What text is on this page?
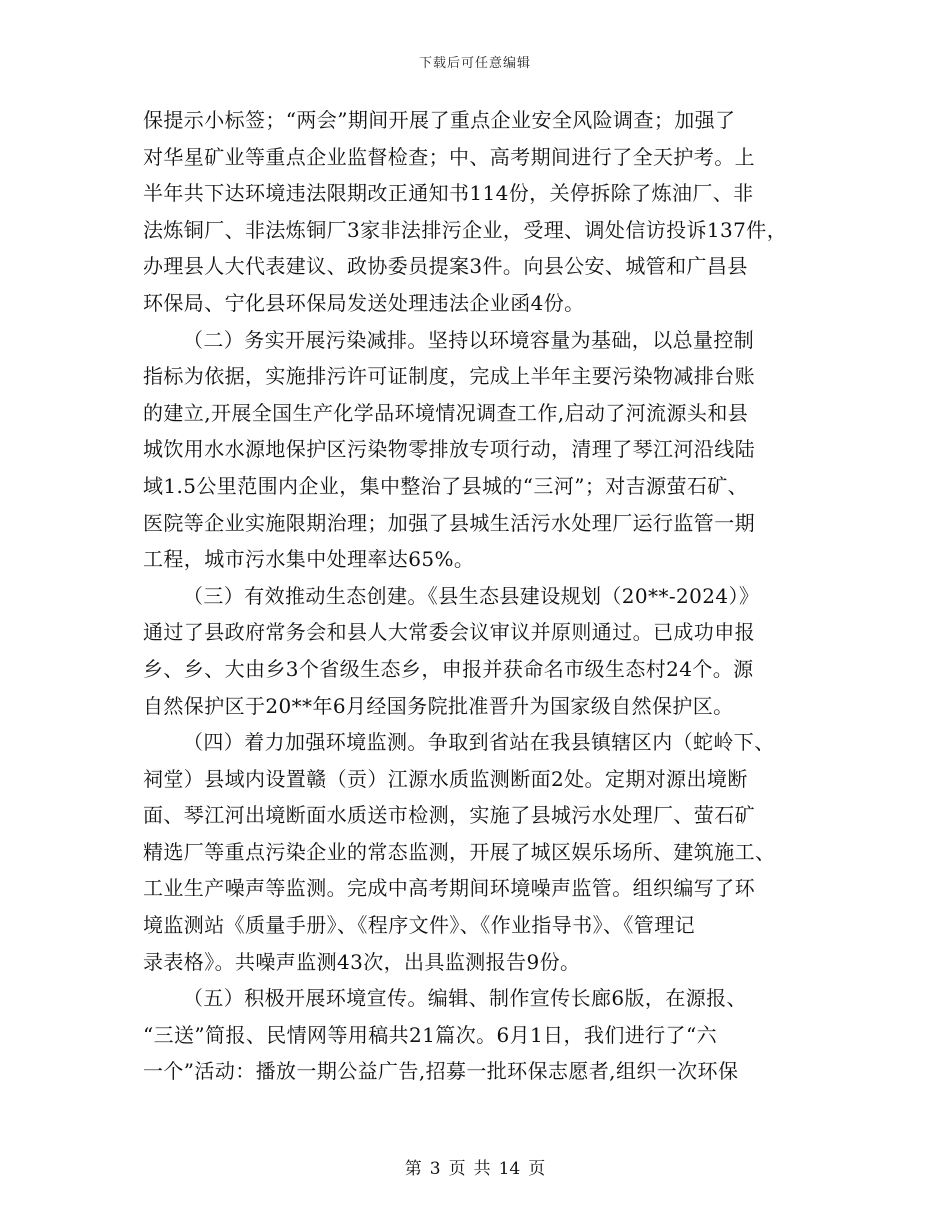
下载后可任意编辑
保提示小标签；“两会”期间开展了重点企业安全风险调查；加强了
对华星矿业等重点企业监督检查；中、高考期间进行了全天护考。上
半年共下达环境违法限期改正通知书114份，关停拆除了炼油厂、非
法炼铜厂、非法炼铜厂3家非法排污企业，受理、调处信访投诉137件，
办理县人大代表建议、政协委员提案3件。向县公安、城管和广昌县
环保局、宁化县环保局发送处理违法企业函4份。
（二）务实开展污染减排。坚持以环境容量为基础，以总量控制
指标为依据，实施排污许可证制度，完成上半年主要污染物减排台账
的建立,开展全国生产化学品环境情况调查工作,启动了河流源头和县
城饮用水水源地保护区污染物零排放专项行动，清理了琴江河沿线陆
域1.5公里范围内企业，集中整治了县城的“三河”；对吉源萤石矿、
医院等企业实施限期治理；加强了县城生活污水处理厂运行监管一期
工程，城市污水集中处理率达65%。
（三）有效推动生态创建。《县生态县建设规划（20**-2024）》
通过了县政府常务会和县人大常委会议审议并原则通过。已成功申报
乡、乡、大由乡3个省级生态乡，申报并获命名市级生态村24个。源
自然保护区于20**年6月经国务院批准晋升为国家级自然保护区。
（四）着力加强环境监测。争取到省站在我县镇辖区内（蛇岭下、
祠堂）县域内设置赣（贡）江源水质监测断面2处。定期对源出境断
面、琴江河出境断面水质送市检测，实施了县城污水处理厂、萤石矿
精选厂等重点污染企业的常态监测，开展了城区娱乐场所、建筑施工、
工业生产噪声等监测。完成中高考期间环境噪声监管。组织编写了环
境监测站《质量手册》、《程序文件》、《作业指导书》、《管理记
录表格》。共噪声监测43次，出具监测报告9份。
（五）积极开展环境宣传。编辑、制作宣传长廊6版，在源报、
“三送”简报、民情网等用稿共21篇次。6月1日，我们进行了“六
一个”活动：播放一期公益广告,招募一批环保志愿者,组织一次环保
第 3 页 共 14 页
